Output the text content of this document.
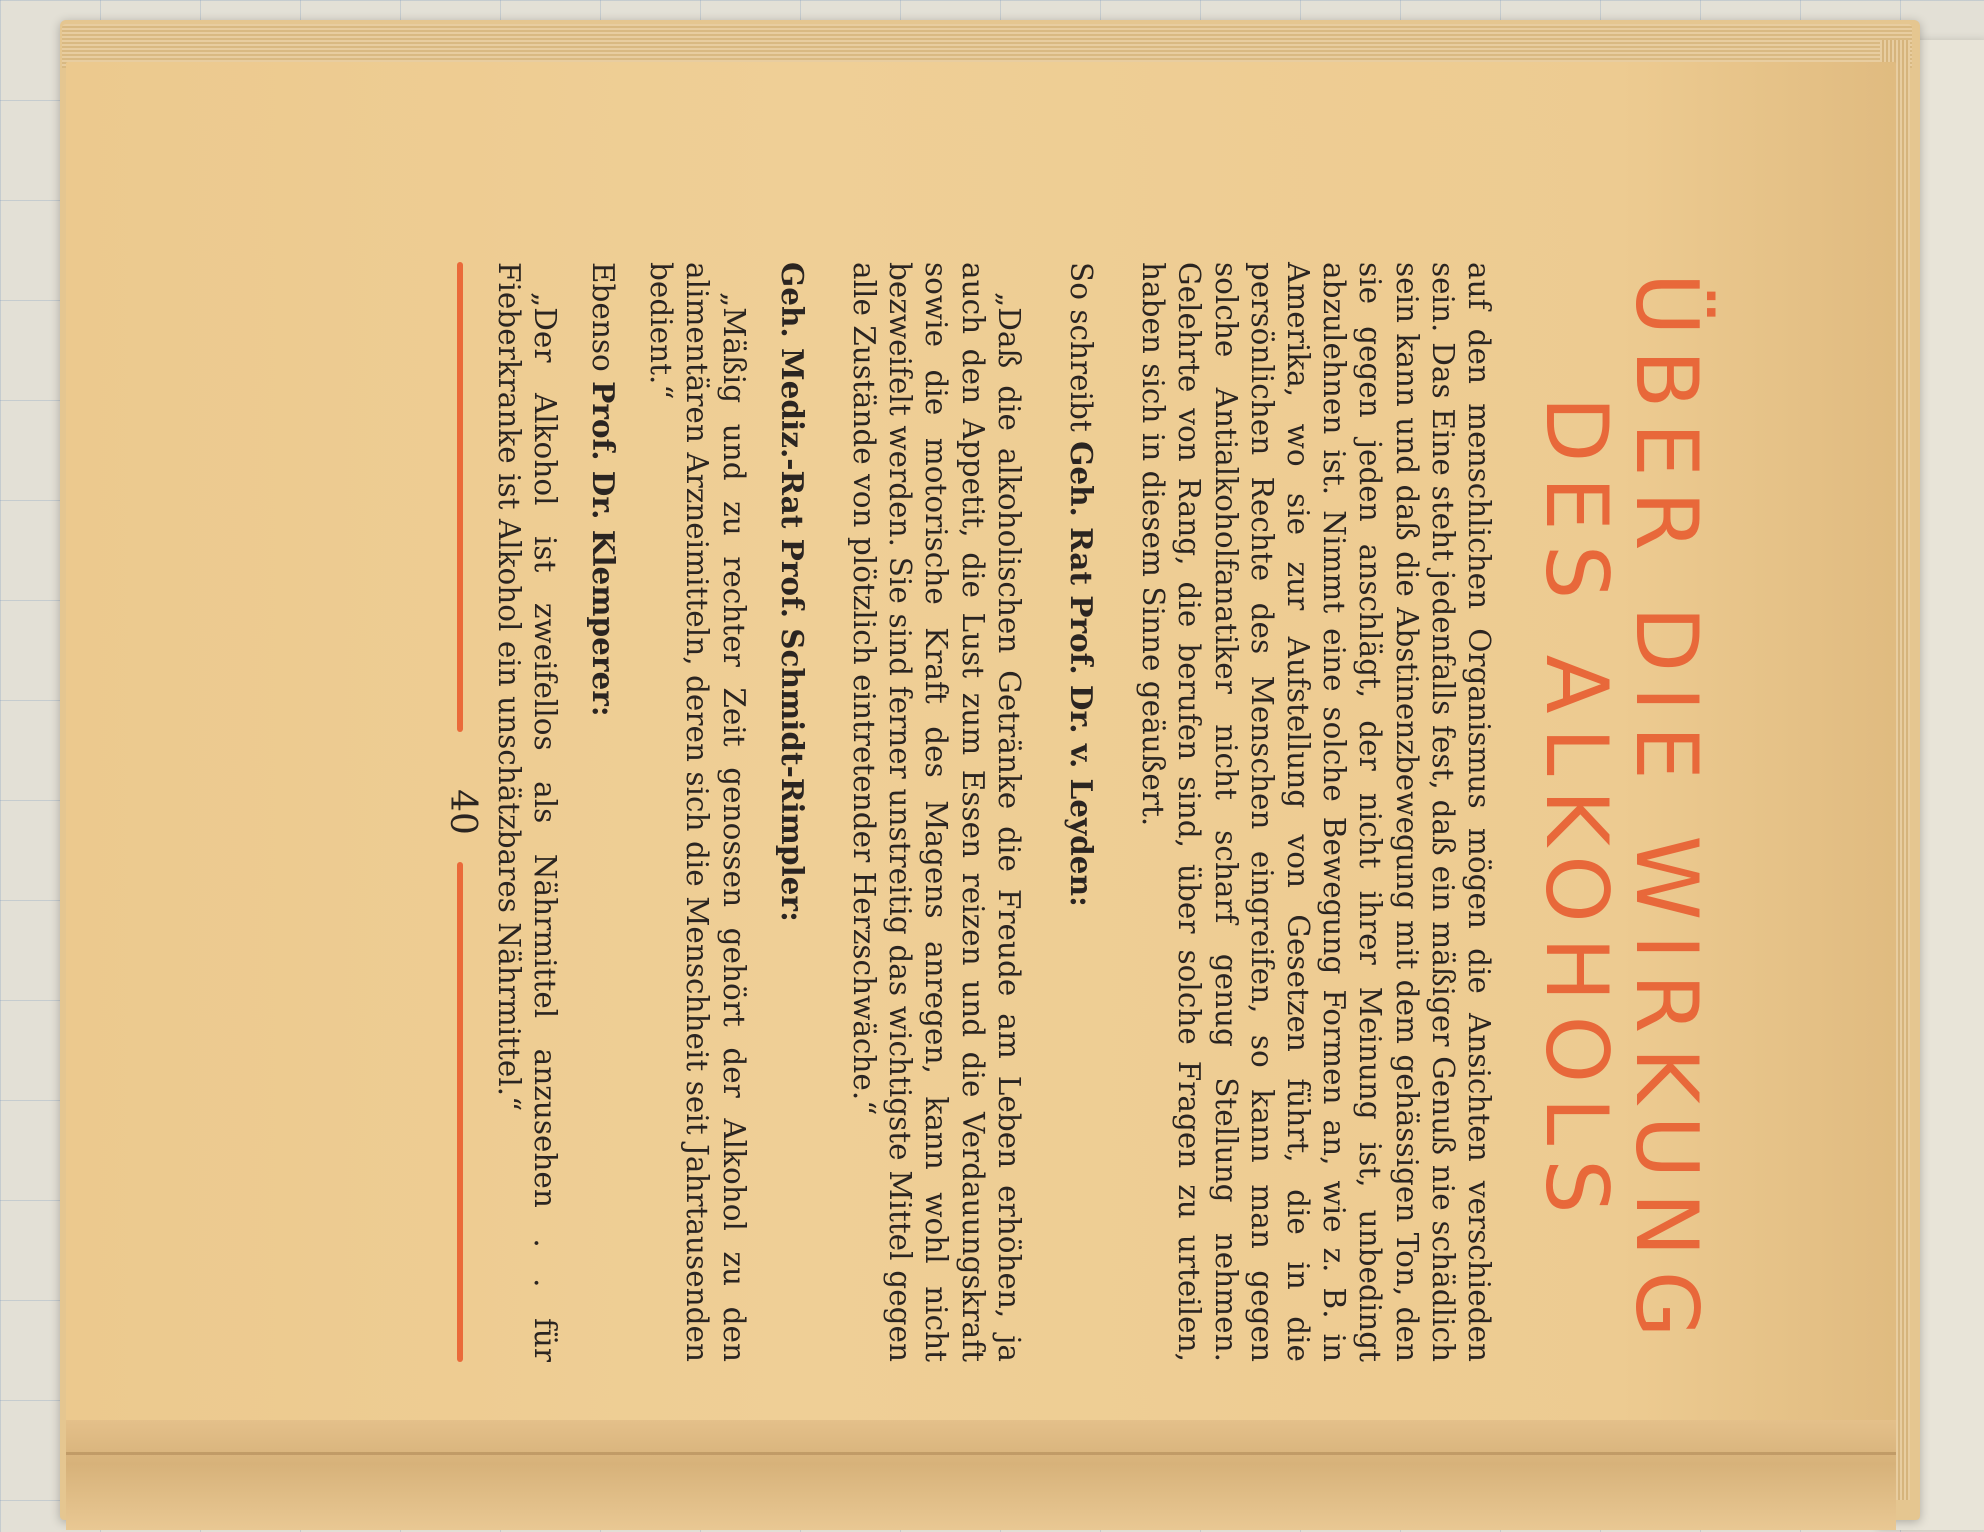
ÜBER DIE WIRKUNG
DES ALKOHOLS

auf den menschlichen Organismus mögen die Ansichten verschieden sein. Das Eine steht jedenfalls fest, daß ein mäßiger Genuß nie schädlich sein kann und daß die Abstinenzbewegung mit dem gehässigen Ton, den sie gegen jeden anschlägt, der nicht ihrer Meinung ist, unbedingt abzulehnen ist. Nimmt eine solche Bewegung Formen an, wie z. B. in Amerika, wo sie zur Aufstellung von Gesetzen führt, die in die persönlichen Rechte des Menschen eingreifen, so kann man gegen solche Antialkoholfanatiker nicht scharf genug Stellung nehmen. Gelehrte von Rang, die berufen sind, über solche Fragen zu urteilen, haben sich in diesem Sinne geäußert.

So schreibt Geh. Rat Prof. Dr. v. Leyden:

„Daß die alkoholischen Getränke die Freude am Leben erhöhen, ja auch den Appetit, die Lust zum Essen reizen und die Verdauungskraft sowie die motorische Kraft des Magens anregen, kann wohl nicht bezweifelt werden. Sie sind ferner unstreitig das wichtigste Mittel gegen alle Zustände von plötzlich eintretender Herzschwäche.“

Geh. Mediz.-Rat Prof. Schmidt-Rimpler:

„Mäßig und zu rechter Zeit genossen gehört der Alkohol zu den alimentären Arzneimitteln, deren sich die Menschheit seit Jahrtausenden bedient.“

Ebenso Prof. Dr. Klemperer:

„Der Alkohol ist zweifellos als Nährmittel anzusehen . . für Fieberkranke ist Alkohol ein unschätzbares Nährmittel.“

40
